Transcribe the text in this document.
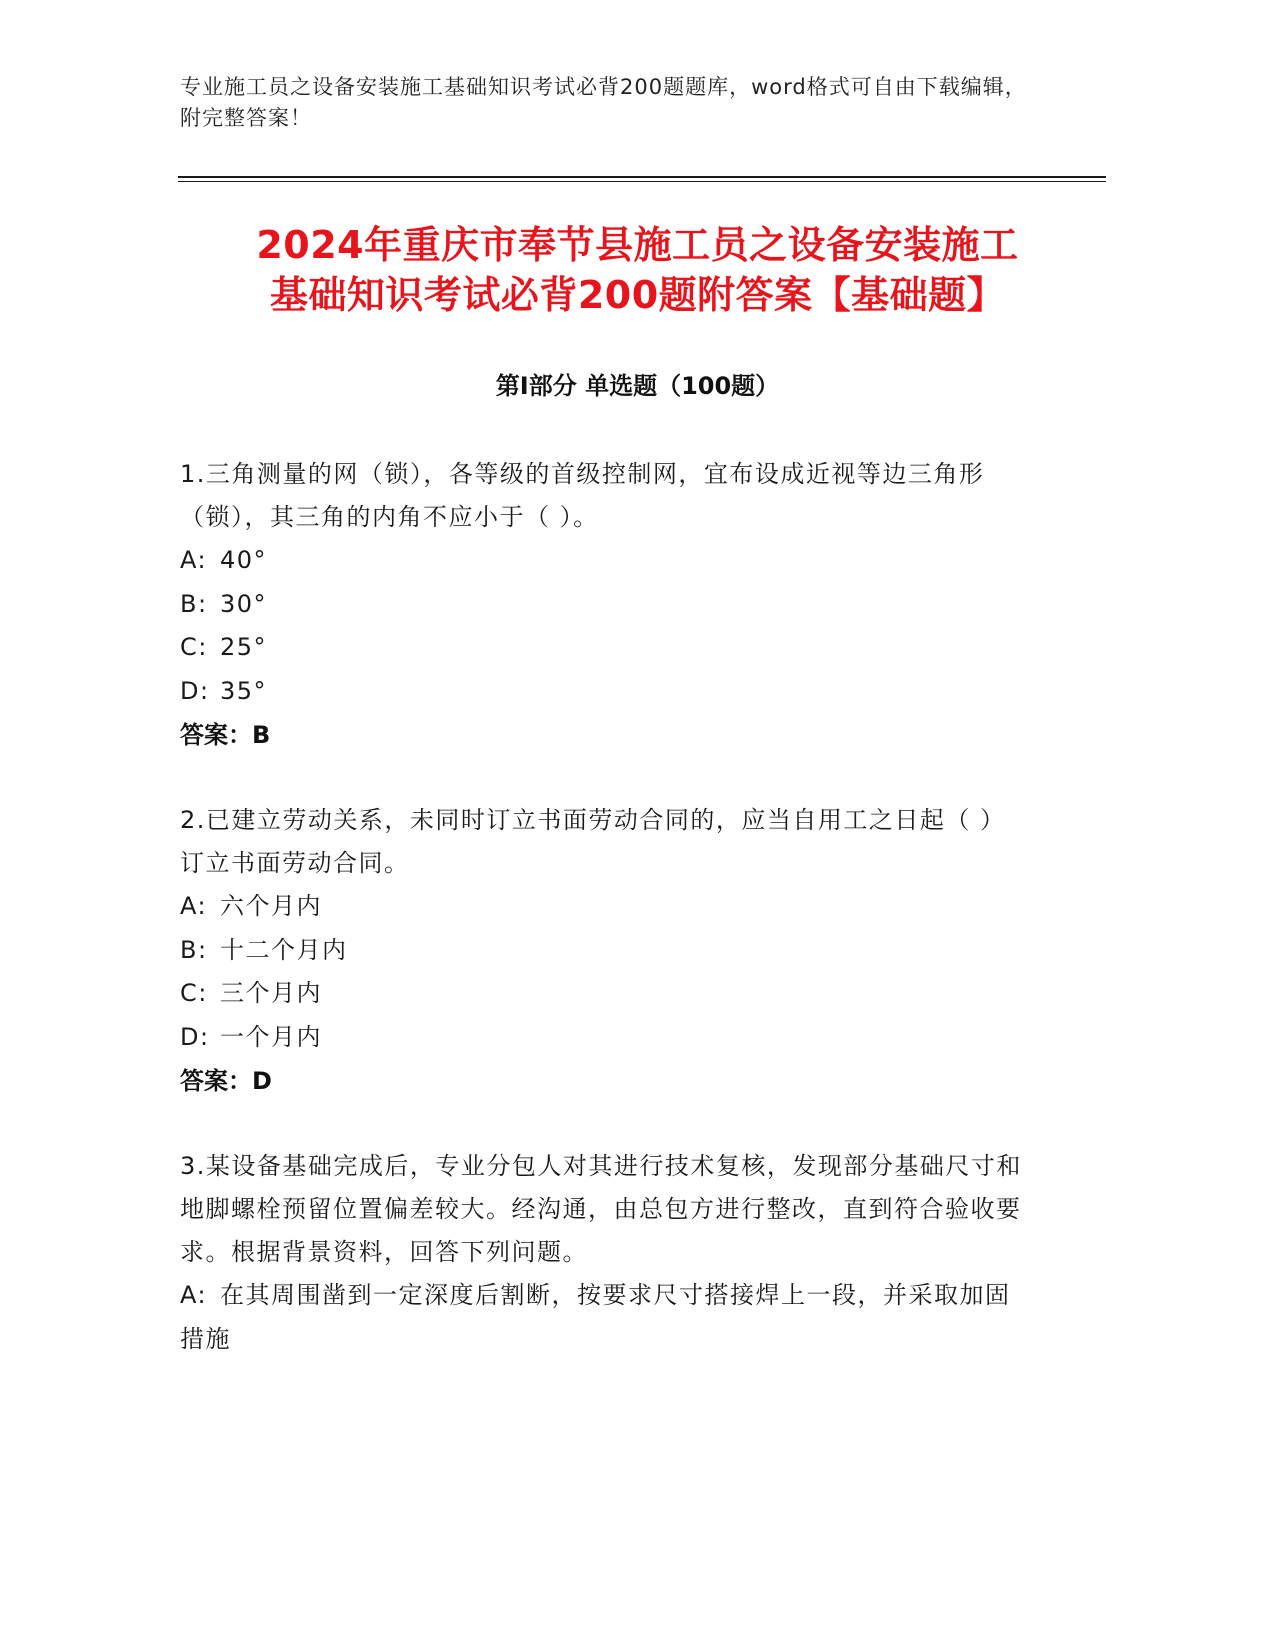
专业施工员之设备安装施工基础知识考试必背200题题库，word格式可自由下载编辑，附完整答案！
2024年重庆市奉节县施工员之设备安装施工
基础知识考试必背200题附答案【基础题】
第Ⅰ部分 单选题（100题）
1.三角测量的网（锁），各等级的首级控制网，宜布设成近视等边三角形（锁），其三角的内角不应小于（ ）。
A: 40°
B: 30°
C: 25°
D: 35°
答案：B
2.已建立劳动关系，未同时订立书面劳动合同的，应当自用工之日起（ ）订立书面劳动合同。
A: 六个月内
B: 十二个月内
C: 三个月内
D: 一个月内
答案：D
3.某设备基础完成后，专业分包人对其进行技术复核，发现部分基础尺寸和地脚螺栓预留位置偏差较大。经沟通，由总包方进行整改，直到符合验收要求。根据背景资料，回答下列问题。
A: 在其周围凿到一定深度后割断，按要求尺寸搭接焊上一段，并采取加固措施
